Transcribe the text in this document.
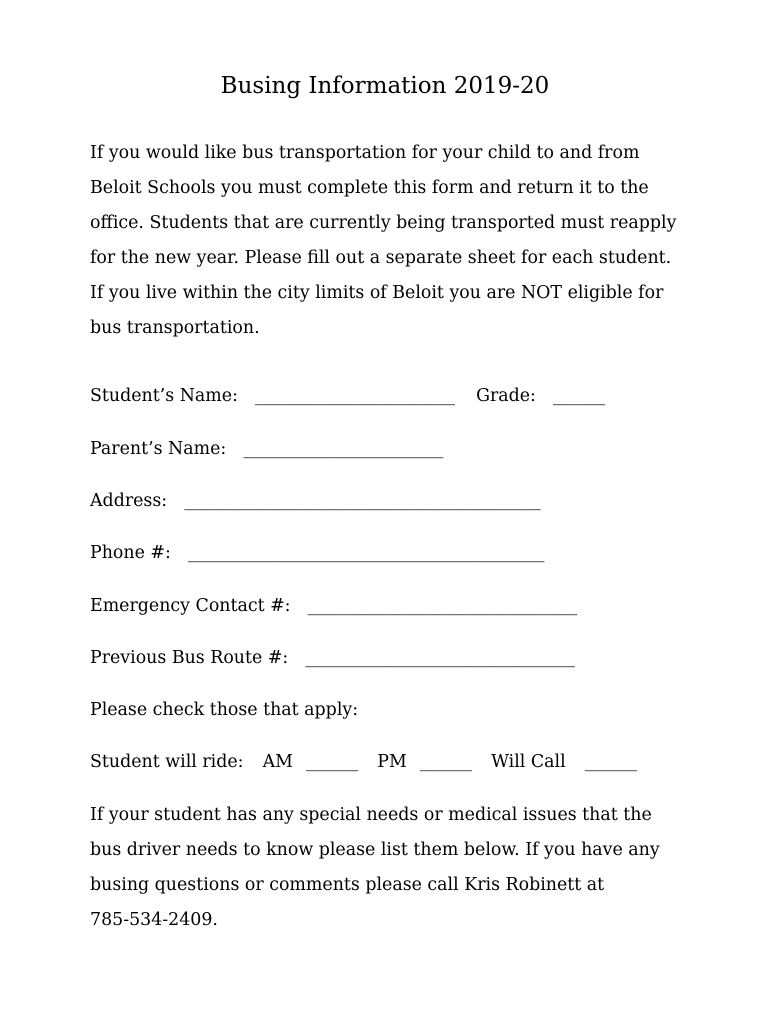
Busing Information 2019-20
If you would like bus transportation for your child to and from
Beloit Schools you must complete this form and return it to the
office. Students that are currently being transported must reapply
for the new year. Please fill out a separate sheet for each student.
If you live within the city limits of Beloit you are NOT eligible for
bus transportation.
Student’s Name: _______________________ Grade: ______
Parent’s Name: _______________________
Address: _________________________________________
Phone #: _________________________________________
Emergency Contact #: _______________________________
Previous Bus Route #: _______________________________
Please check those that apply:
Student will ride: AM ______ PM ______ Will Call ______
If your student has any special needs or medical issues that the
bus driver needs to know please list them below. If you have any
busing questions or comments please call Kris Robinett at
785-534-2409.
